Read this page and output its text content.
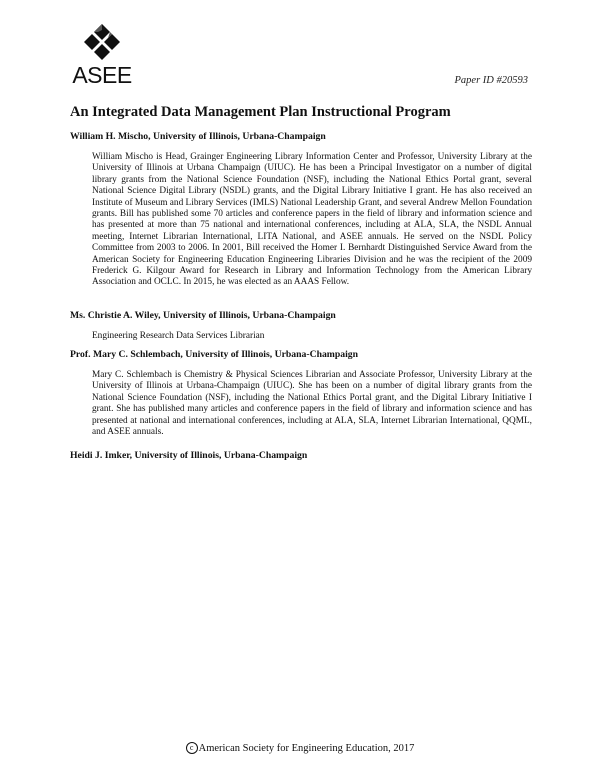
ASEE	Paper ID #20593
An Integrated Data Management Plan Instructional Program

William H. Mischo, University of Illinois, Urbana-Champaign

William Mischo is Head, Grainger Engineering Library Information Center and Professor, University Library at the University of Illinois at Urbana Champaign (UIUC). He has been a Principal Investigator on a number of digital library grants from the National Science Foundation (NSF), including the National Ethics Portal grant, several National Science Digital Library (NSDL) grants, and the Digital Library Initiative I grant. He has also received an Institute of Museum and Library Services (IMLS) National Leadership Grant, and several Andrew Mellon Foundation grants. Bill has published some 70 articles and conference papers in the field of library and information science and has presented at more than 75 national and international conferences, including at ALA, SLA, the NSDL Annual meeting, Internet Librarian International, LITA National, and ASEE annuals. He served on the NSDL Policy Committee from 2003 to 2006. In 2001, Bill received the Homer I. Bernhardt Distinguished Service Award from the American Society for Engineering Education Engineering Libraries Division and he was the recipient of the 2009 Frederick G. Kilgour Award for Research in Library and Information Technology from the American Library Association and OCLC. In 2015, he was elected as an AAAS Fellow.

Ms. Christie A. Wiley, University of Illinois, Urbana-Champaign

Engineering Research Data Services Librarian

Prof. Mary C. Schlembach, University of Illinois, Urbana-Champaign

Mary C. Schlembach is Chemistry & Physical Sciences Librarian and Associate Professor, University Library at the University of Illinois at Urbana-Champaign (UIUC). She has been on a number of digital library grants from the National Science Foundation (NSF), including the National Ethics Portal grant, and the Digital Library Initiative I grant. She has published many articles and conference papers in the field of library and information science and has presented at national and international conferences, including at ALA, SLA, Internet Librarian International, QQML, and ASEE annuals.

Heidi J. Imker, University of Illinois, Urbana-Champaign

c American Society for Engineering Education, 2017
